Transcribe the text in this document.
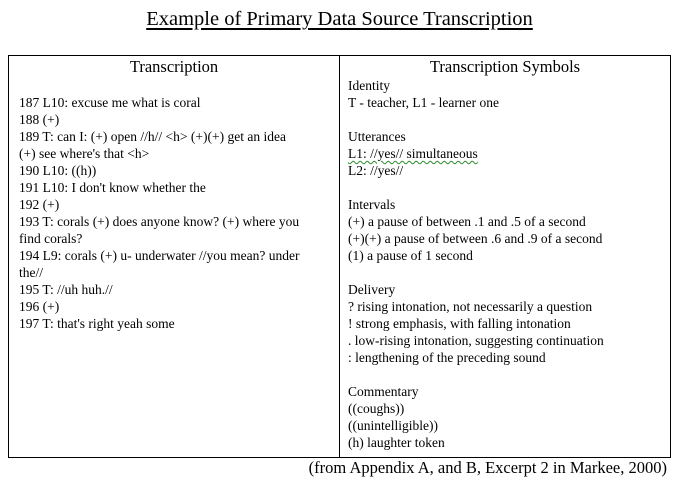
Example of Primary Data Source Transcription
Transcription	Transcription Symbols
187 L10: excuse me what is coral
188 (+)
189 T: can I: (+) open //h// <h> (+)(+) get an idea
(+) see where's that <h>
190 L10: ((h))
191 L10: I don't know whether the
192 (+)
193 T: corals (+) does anyone know? (+) where you
find corals?
194 L9: corals (+) u- underwater //you mean? under
the//
195 T: //uh huh.//
196 (+)
197 T: that's right yeah some
Identity
T - teacher, L1 - learner one
Utterances
L1: //yes// simultaneous
L2: //yes//
Intervals
(+) a pause of between .1 and .5 of a second
(+)(+) a pause of between .6 and .9 of a second
(1) a pause of 1 second
Delivery
? rising intonation, not necessarily a question
! strong emphasis, with falling intonation
. low-rising intonation, suggesting continuation
: lengthening of the preceding sound
Commentary
((coughs))
((unintelligible))
(h) laughter token
(from Appendix A, and B, Excerpt 2 in Markee, 2000)
